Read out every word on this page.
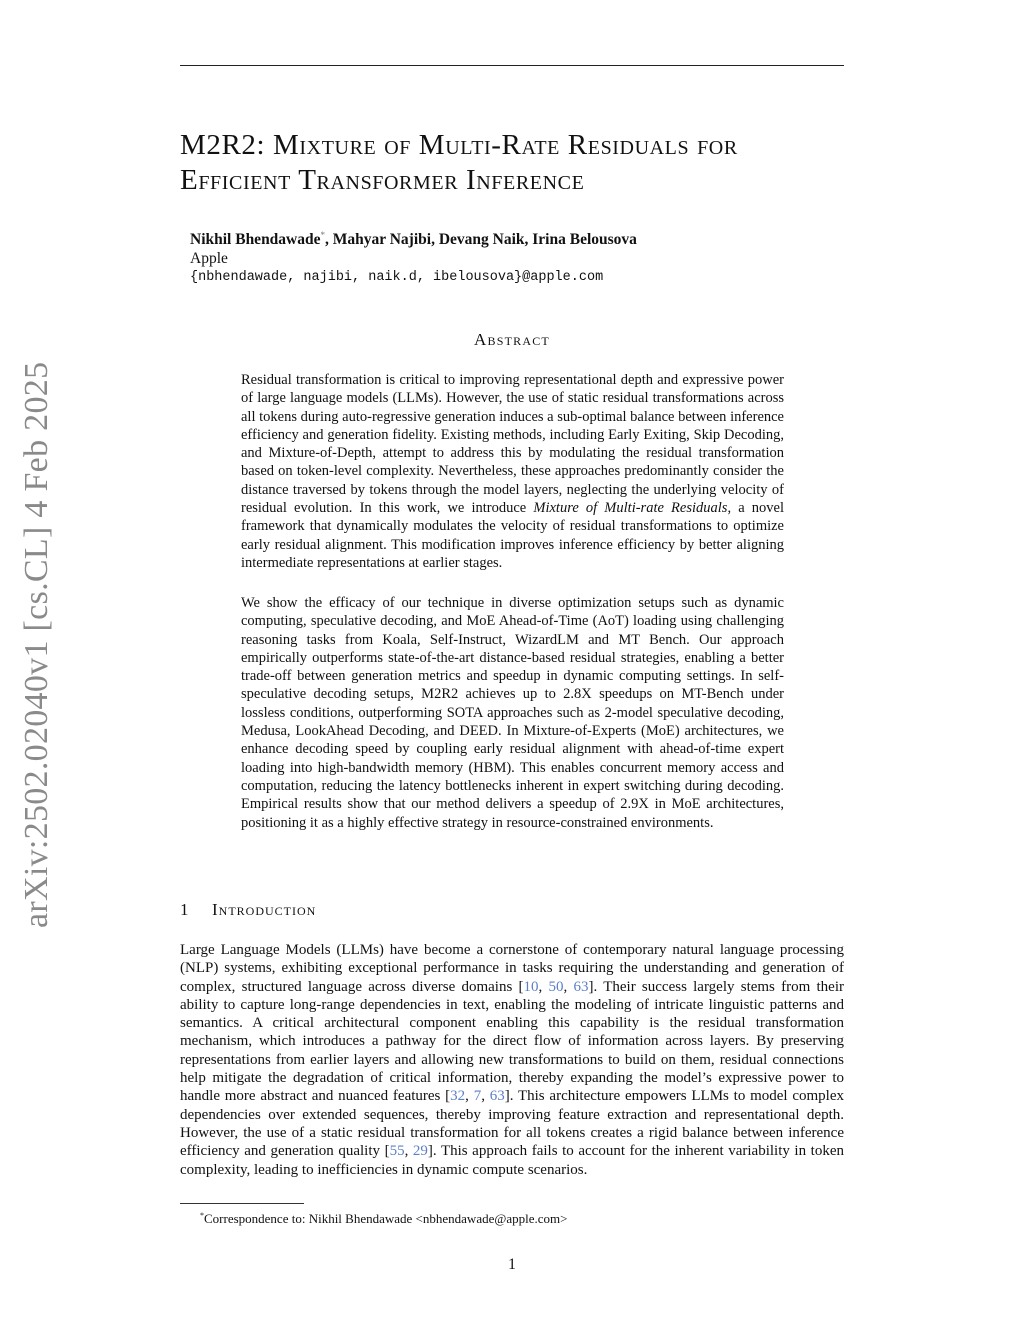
arXiv:2502.02040v1 [cs.CL] 4 Feb 2025
M2R2: Mixture of Multi-Rate Residuals for
Efficient Transformer Inference
Nikhil Bhendawade*, Mahyar Najibi, Devang Naik, Irina Belousova
Apple
{nbhendawade, najibi, naik.d, ibelousova}@apple.com
Abstract

Residual transformation is critical to improving representational depth and expressive power of large language models (LLMs). However, the use of static residual transformations across all tokens during auto-regressive generation induces a sub-optimal balance between inference efficiency and generation fidelity. Existing methods, including Early Exiting, Skip Decoding, and Mixture-of-Depth, attempt to address this by modulating the residual transformation based on token-level complexity. Nevertheless, these approaches predominantly consider the distance traversed by tokens through the model layers, neglecting the underlying velocity of residual evolution. In this work, we introduce Mixture of Multi-rate Residuals, a novel framework that dynamically modulates the velocity of residual transformations to optimize early residual alignment. This modification improves inference efficiency by better aligning intermediate representations at earlier stages.

We show the efficacy of our technique in diverse optimization setups such as dynamic computing, speculative decoding, and MoE Ahead-of-Time (AoT) loading using challenging reasoning tasks from Koala, Self-Instruct, WizardLM and MT Bench. Our approach empirically outperforms state-of-the-art distance-based residual strategies, enabling a better trade-off between generation metrics and speedup in dynamic computing settings. In self-speculative decoding setups, M2R2 achieves up to 2.8X speedups on MT-Bench under lossless conditions, outperforming SOTA approaches such as 2-model speculative decoding, Medusa, LookAhead Decoding, and DEED. In Mixture-of-Experts (MoE) architectures, we enhance decoding speed by coupling early residual alignment with ahead-of-time expert loading into high-bandwidth memory (HBM). This enables concurrent memory access and computation, reducing the latency bottlenecks inherent in expert switching during decoding. Empirical results show that our method delivers a speedup of 2.9X in MoE architectures, positioning it as a highly effective strategy in resource-constrained environments.

1 Introduction

Large Language Models (LLMs) have become a cornerstone of contemporary natural language processing (NLP) systems, exhibiting exceptional performance in tasks requiring the understanding and generation of complex, structured language across diverse domains [10, 50, 63]. Their success largely stems from their ability to capture long-range dependencies in text, enabling the modeling of intricate linguistic patterns and semantics. A critical architectural component enabling this capability is the residual transformation mechanism, which introduces a pathway for the direct flow of information across layers. By preserving representations from earlier layers and allowing new transformations to build on them, residual connections help mitigate the degradation of critical information, thereby expanding the model’s expressive power to handle more abstract and nuanced features [32, 7, 63]. This architecture empowers LLMs to model complex dependencies over extended sequences, thereby improving feature extraction and representational depth. However, the use of a static residual transformation for all tokens creates a rigid balance between inference efficiency and generation quality [55, 29]. This approach fails to account for the inherent variability in token complexity, leading to inefficiencies in dynamic compute scenarios.

*Correspondence to: Nikhil Bhendawade <nbhendawade@apple.com>
1
